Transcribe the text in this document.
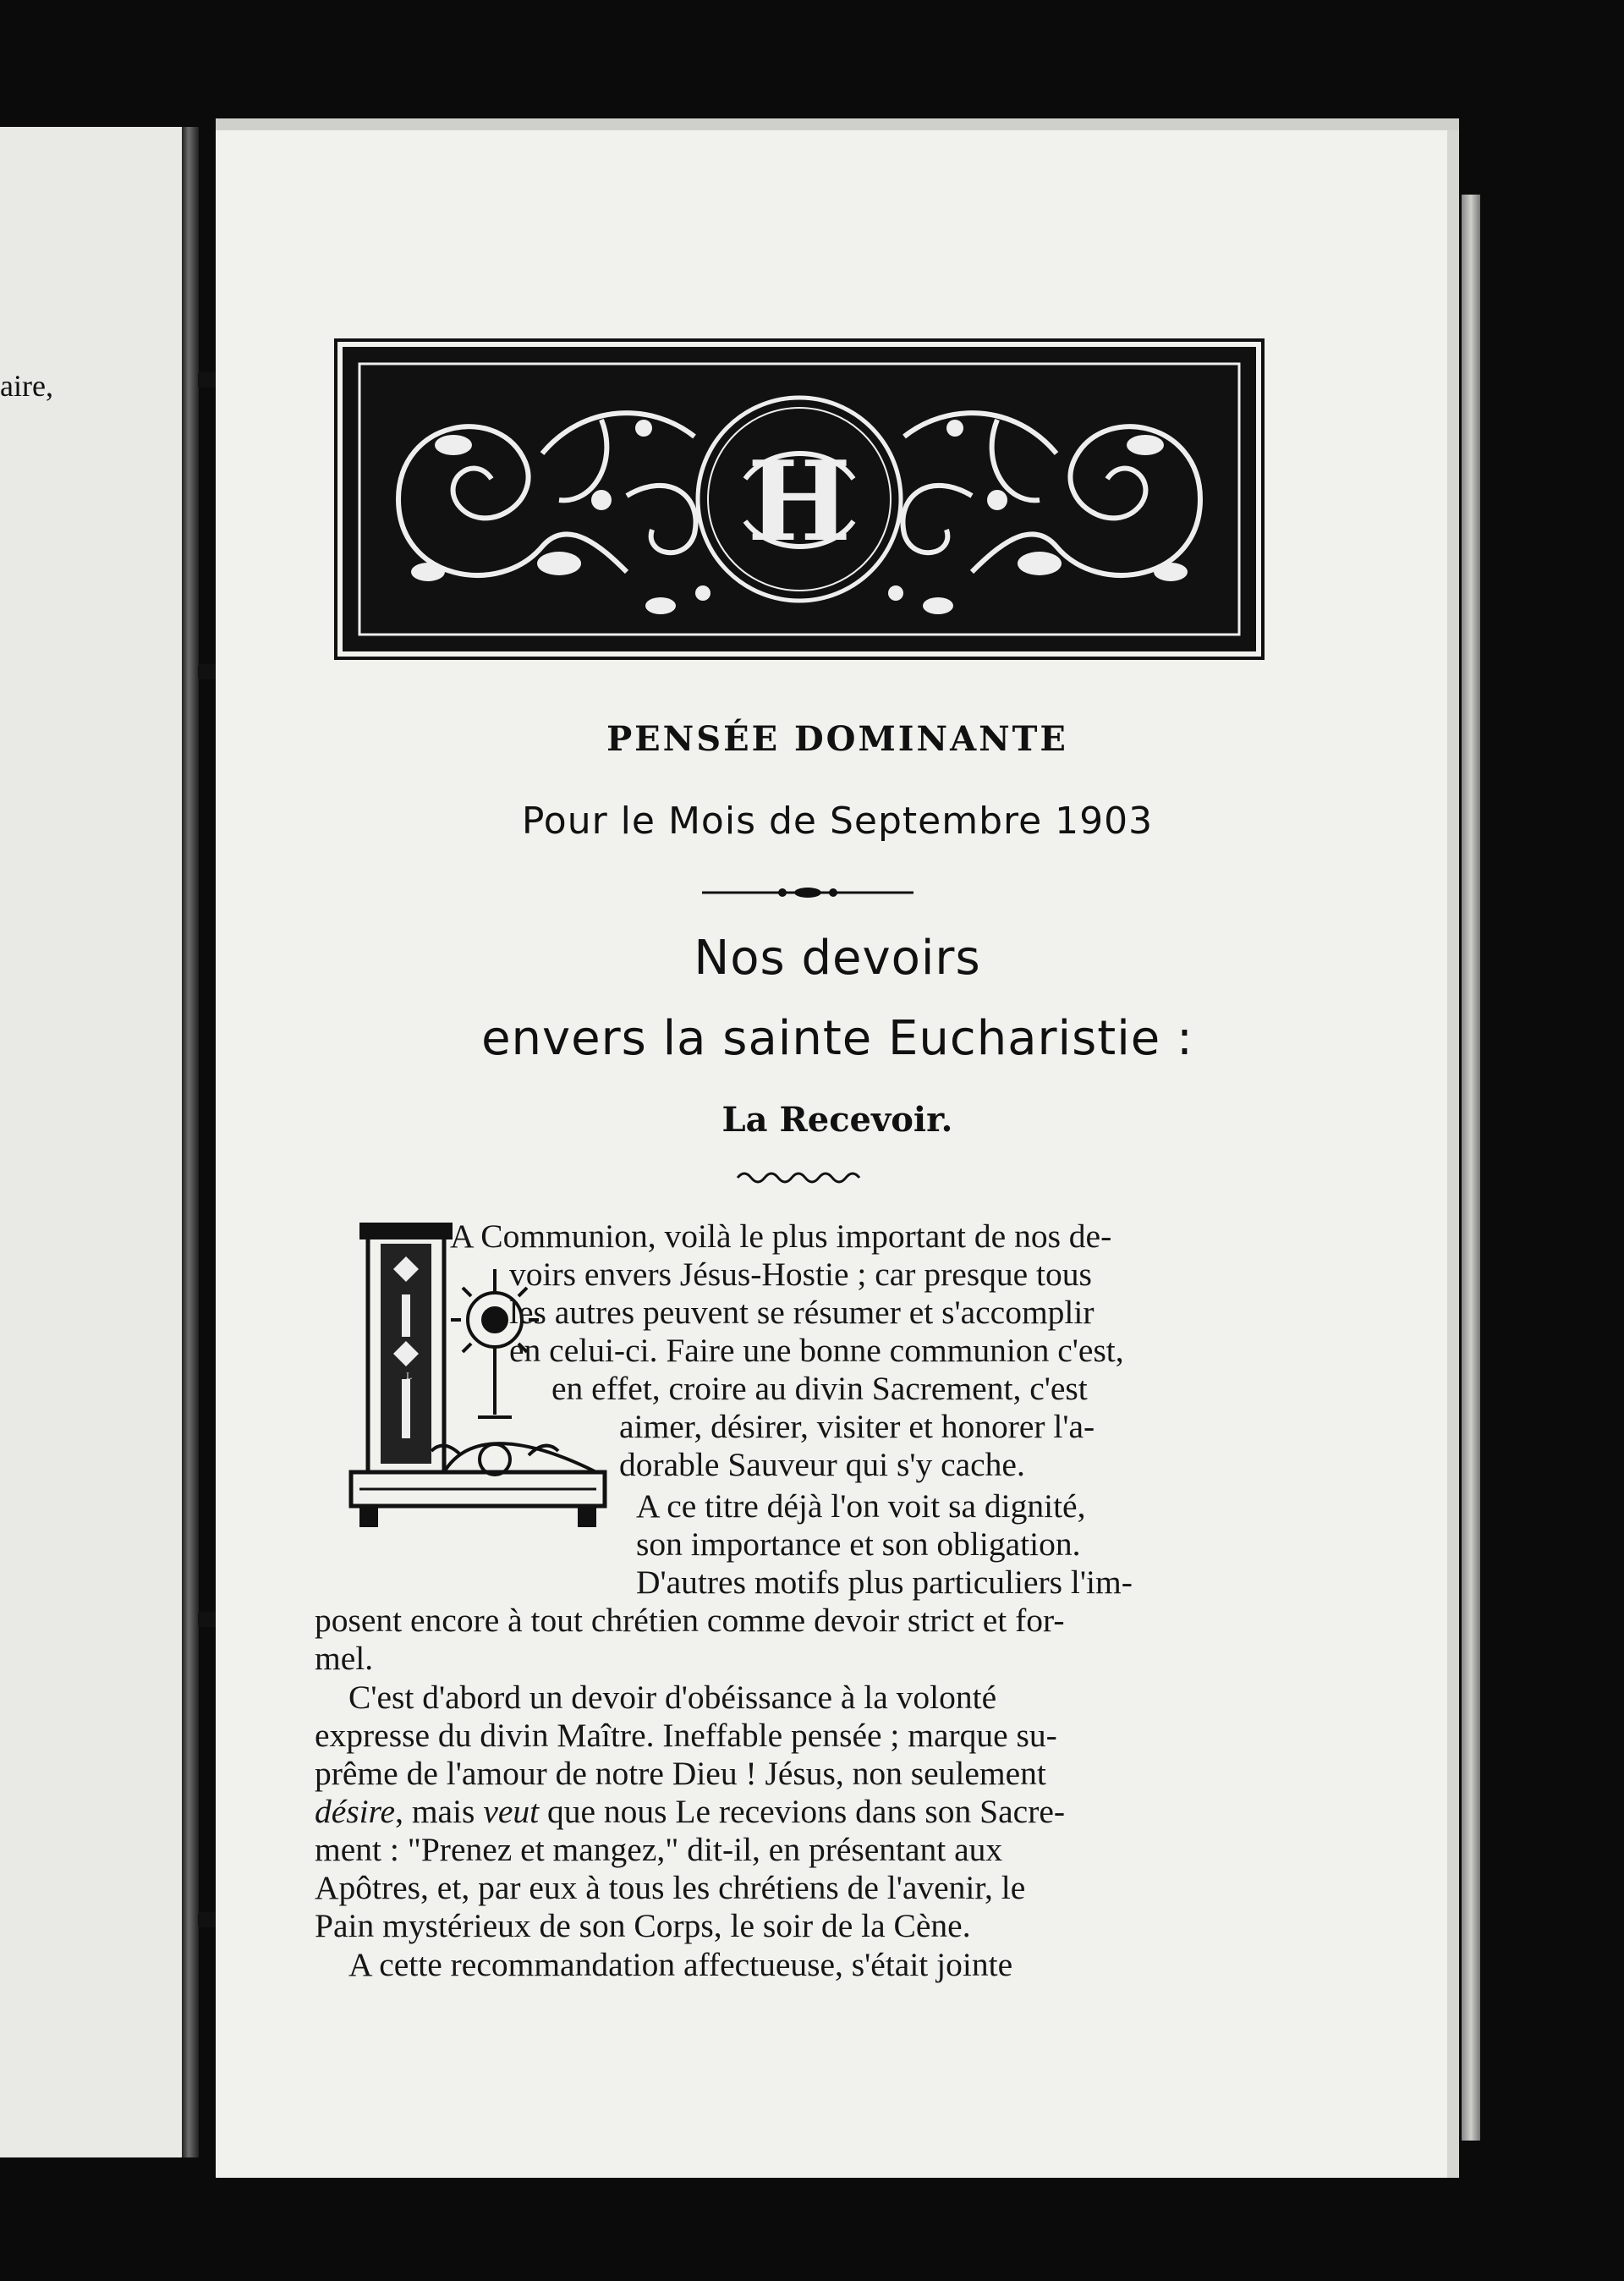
aire,
H
PENSÉE DOMINANTE
Pour le Mois de Septembre 1903
Nos devoirs
envers la sainte Eucharistie :
La Recevoir.
L
A Communion, voilà le plus important de nos de-
voirs envers Jésus-Hostie ; car presque tous
les autres peuvent se résumer et s'accomplir
en celui-ci. Faire une bonne communion c'est,
en effet, croire au divin Sacrement, c'est
aimer, désirer, visiter et honorer l'a-
dorable Sauveur qui s'y cache.
A ce titre déjà l'on voit sa dignité,
son importance et son obligation.
D'autres motifs plus particuliers l'im-
posent encore à tout chrétien comme devoir strict et for-
mel.
C'est d'abord un devoir d'obéissance à la volonté
expresse du divin Maître. Ineffable pensée ; marque su-
prême de l'amour de notre Dieu ! Jésus, non seulement
désire, mais veut que nous Le recevions dans son Sacre-
ment : "Prenez et mangez," dit-il, en présentant aux
Apôtres, et, par eux à tous les chrétiens de l'avenir, le
Pain mystérieux de son Corps, le soir de la Cène.
A cette recommandation affectueuse, s'était jointe
